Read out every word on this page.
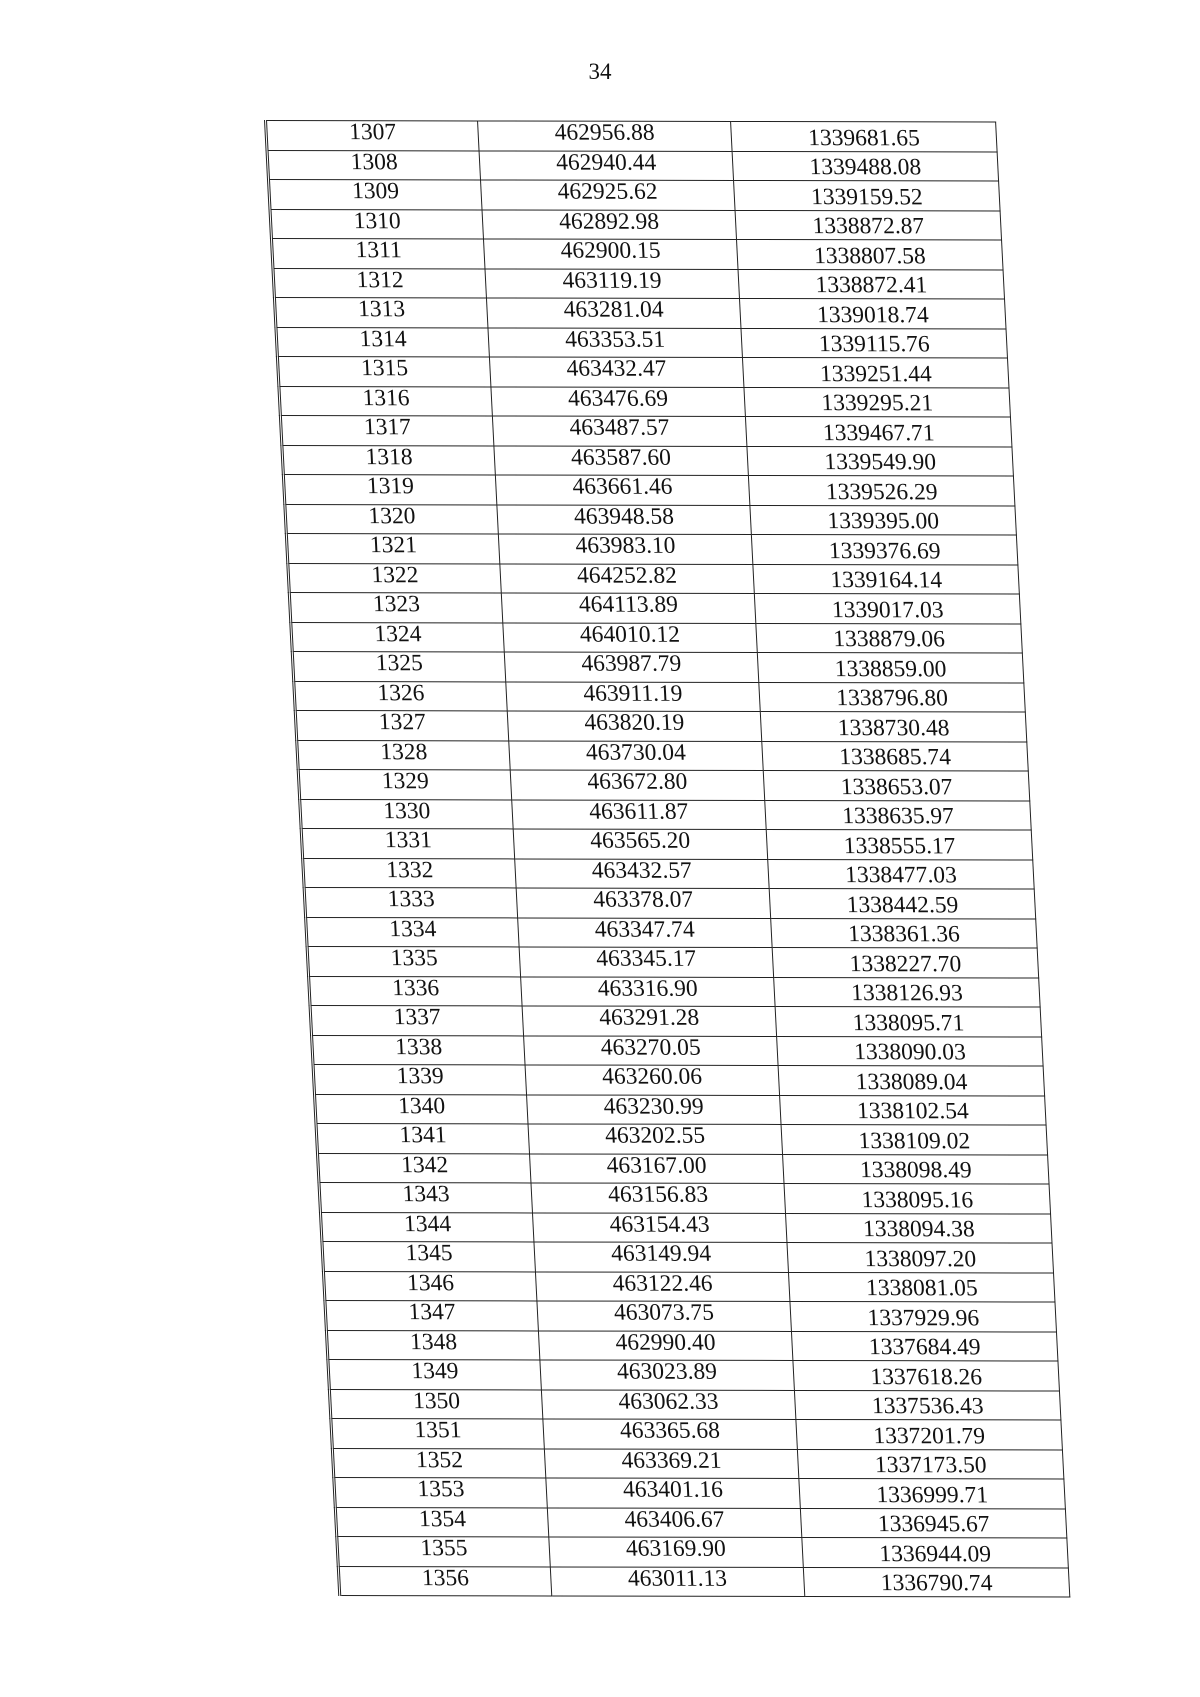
34
1307	462956.88	1339681.65
1308	462940.44	1339488.08
1309	462925.62	1339159.52
1310	462892.98	1338872.87
1311	462900.15	1338807.58
1312	463119.19	1338872.41
1313	463281.04	1339018.74
1314	463353.51	1339115.76
1315	463432.47	1339251.44
1316	463476.69	1339295.21
1317	463487.57	1339467.71
1318	463587.60	1339549.90
1319	463661.46	1339526.29
1320	463948.58	1339395.00
1321	463983.10	1339376.69
1322	464252.82	1339164.14
1323	464113.89	1339017.03
1324	464010.12	1338879.06
1325	463987.79	1338859.00
1326	463911.19	1338796.80
1327	463820.19	1338730.48
1328	463730.04	1338685.74
1329	463672.80	1338653.07
1330	463611.87	1338635.97
1331	463565.20	1338555.17
1332	463432.57	1338477.03
1333	463378.07	1338442.59
1334	463347.74	1338361.36
1335	463345.17	1338227.70
1336	463316.90	1338126.93
1337	463291.28	1338095.71
1338	463270.05	1338090.03
1339	463260.06	1338089.04
1340	463230.99	1338102.54
1341	463202.55	1338109.02
1342	463167.00	1338098.49
1343	463156.83	1338095.16
1344	463154.43	1338094.38
1345	463149.94	1338097.20
1346	463122.46	1338081.05
1347	463073.75	1337929.96
1348	462990.40	1337684.49
1349	463023.89	1337618.26
1350	463062.33	1337536.43
1351	463365.68	1337201.79
1352	463369.21	1337173.50
1353	463401.16	1336999.71
1354	463406.67	1336945.67
1355	463169.90	1336944.09
1356	463011.13	1336790.74
